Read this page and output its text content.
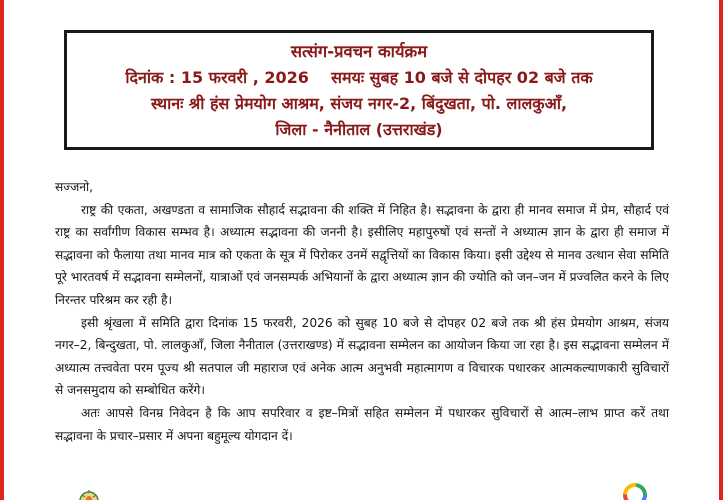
सत्संग-प्रवचन कार्यक्रम
दिनांक : 15 फरवरी , 2026    समयः सुबह 10 बजे से दोपहर 02 बजे तक
स्थानः श्री हंस प्रेमयोग आश्रम, संजय नगर-2, बिंदुखता, पो. लालकुआँ,
जिला - नैनीताल (उत्तराखंड)

सज्जनो,

राष्ट्र की एकता, अखण्डता व सामाजिक सौहार्द सद्भावना की शक्ति में निहित है। सद्भावना के द्वारा ही मानव समाज में प्रेम, सौहार्द एवं राष्ट्र का सर्वांगीण विकास सम्भव है। अध्यात्म सद्भावना की जननी है। इसीलिए महापुरुषों एवं सन्तों ने अध्यात्म ज्ञान के द्वारा ही समाज में सद्भावना को फैलाया तथा मानव मात्र को एकता के सूत्र में पिरोकर उनमें सद्वृत्तियों का विकास किया। इसी उद्देश्य से मानव उत्थान सेवा समिति पूरे भारतवर्ष में सद्भावना सम्मेलनों, यात्राओं एवं जनसम्पर्क अभियानों के द्वारा अध्यात्म ज्ञान की ज्योति को जन–जन में प्रज्वलित करने के लिए निरन्तर परिश्रम कर रही है।

इसी श्रृंखला में समिति द्वारा दिनांक 15 फरवरी, 2026 को सुबह 10 बजे से दोपहर 02 बजे तक श्री हंस प्रेमयोग आश्रम, संजय नगर–2, बिन्दुखता, पो. लालकुआँ, जिला नैनीताल (उत्तराखण्ड) में सद्भावना सम्मेलन का आयोजन किया जा रहा है। इस सद्भावना सम्मेलन में अध्यात्म तत्त्ववेता परम पूज्य श्री सतपाल जी महाराज एवं अनेक आत्म अनुभवी महात्मागण व विचारक पधारकर आत्मकल्याणकारी सुविचारों से जनसमुदाय को सम्बोधित करेंगे।

अतः आपसे विनम्र निवेदन है कि आप सपरिवार व इष्ट–मित्रों सहित सम्मेलन में पधारकर सुविचारों से आत्म–लाभ प्राप्त करें तथा सद्भावना के प्रचार–प्रसार में अपना बहुमूल्य योगदान दें।
